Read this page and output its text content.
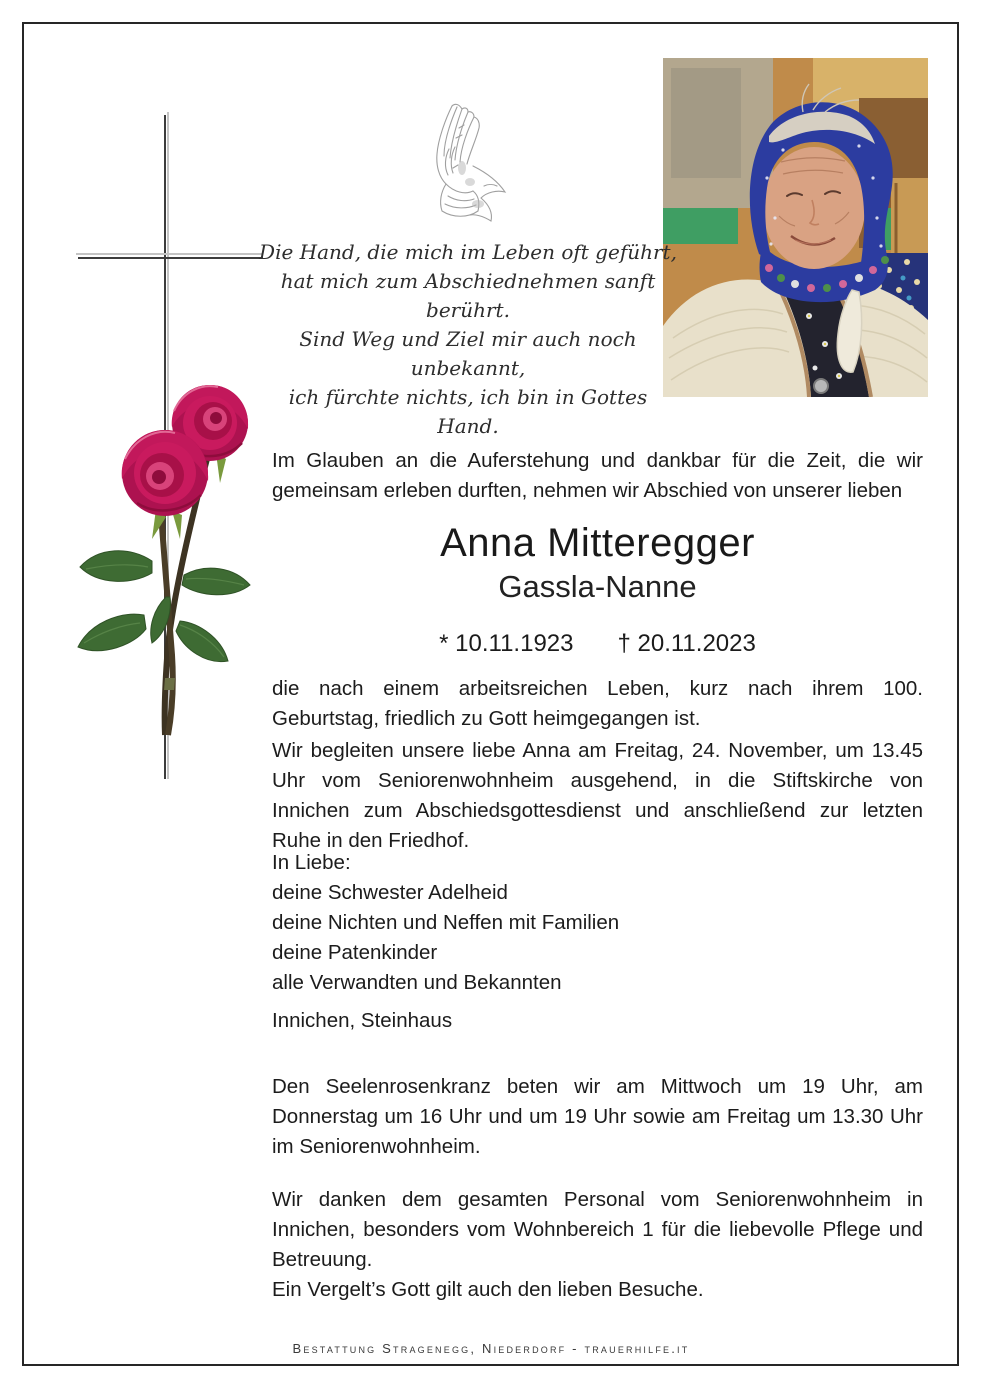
Die Hand, die mich im Leben oft geführt,
hat mich zum Abschiednehmen sanft berührt.
Sind Weg und Ziel mir auch noch unbekannt,
ich fürchte nichts, ich bin in Gottes Hand.
Im Glauben an die Auferstehung und dankbar für die Zeit, die wir gemeinsam erleben durften, nehmen wir Abschied von unserer lieben
Anna Mitteregger
Gassla-Nanne
* 10.11.1923 † 20.11.2023
die nach einem arbeitsreichen Leben, kurz nach ihrem 100. Geburtstag, friedlich zu Gott heimgegangen ist.
Wir begleiten unsere liebe Anna am Freitag, 24. November, um 13.45 Uhr vom Seniorenwohnheim ausgehend, in die Stiftskirche von Innichen zum Abschiedsgottesdienst und anschließend zur letzten Ruhe in den Friedhof.
In Liebe:
deine Schwester Adelheid
deine Nichten und Neffen mit Familien
deine Patenkinder
alle Verwandten und Bekannten
Innichen, Steinhaus
Den Seelenrosenkranz beten wir am Mittwoch um 19 Uhr, am Donnerstag um 16 Uhr und um 19 Uhr sowie am Freitag um 13.30 Uhr im Seniorenwohnheim.
Wir danken dem gesamten Personal vom Seniorenwohnheim in Innichen, besonders vom Wohnbereich 1 für die liebevolle Pflege und Betreuung.
Ein Vergelt’s Gott gilt auch den lieben Besuche.
Bestattung Stragenegg, Niederdorf - trauerhilfe.it
